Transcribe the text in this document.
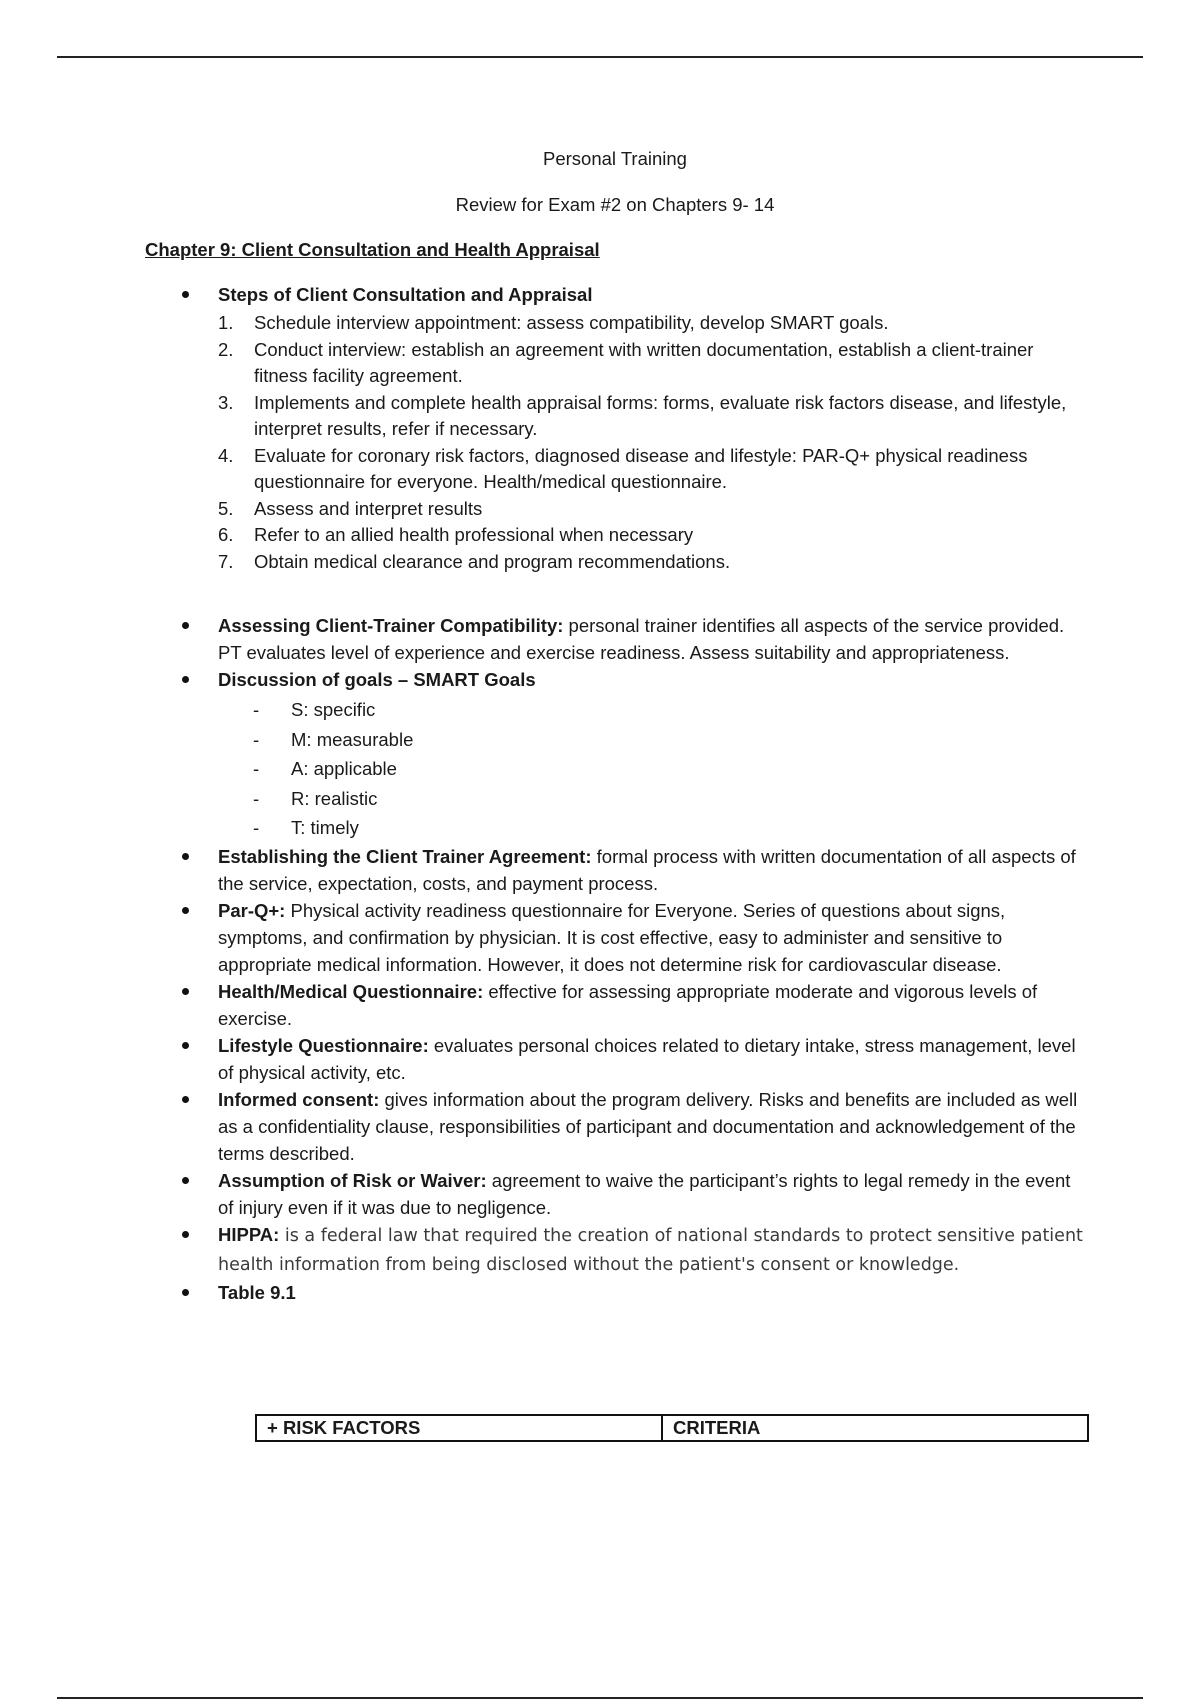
Personal Training
Review for Exam #2 on Chapters 9- 14
Chapter 9: Client Consultation and Health Appraisal
Steps of Client Consultation and Appraisal
1. Schedule interview appointment: assess compatibility, develop SMART goals.
2. Conduct interview: establish an agreement with written documentation, establish a client-trainer fitness facility agreement.
3. Implements and complete health appraisal forms: forms, evaluate risk factors disease, and lifestyle, interpret results, refer if necessary.
4. Evaluate for coronary risk factors, diagnosed disease and lifestyle: PAR-Q+ physical readiness questionnaire for everyone. Health/medical questionnaire.
5. Assess and interpret results
6. Refer to an allied health professional when necessary
7. Obtain medical clearance and program recommendations.
Assessing Client-Trainer Compatibility: personal trainer identifies all aspects of the service provided. PT evaluates level of experience and exercise readiness. Assess suitability and appropriateness.
Discussion of goals – SMART Goals
- S: specific
- M: measurable
- A: applicable
- R: realistic
- T: timely
Establishing the Client Trainer Agreement: formal process with written documentation of all aspects of the service, expectation, costs, and payment process.
Par-Q+: Physical activity readiness questionnaire for Everyone. Series of questions about signs, symptoms, and confirmation by physician. It is cost effective, easy to administer and sensitive to appropriate medical information. However, it does not determine risk for cardiovascular disease.
Health/Medical Questionnaire: effective for assessing appropriate moderate and vigorous levels of exercise.
Lifestyle Questionnaire: evaluates personal choices related to dietary intake, stress management, level of physical activity, etc.
Informed consent: gives information about the program delivery. Risks and benefits are included as well as a confidentiality clause, responsibilities of participant and documentation and acknowledgement of the terms described.
Assumption of Risk or Waiver: agreement to waive the participant’s rights to legal remedy in the event of injury even if it was due to negligence.
HIPPA: is a federal law that required the creation of national standards to protect sensitive patient health information from being disclosed without the patient's consent or knowledge.
Table 9.1
+ RISK FACTORS	CRITERIA
